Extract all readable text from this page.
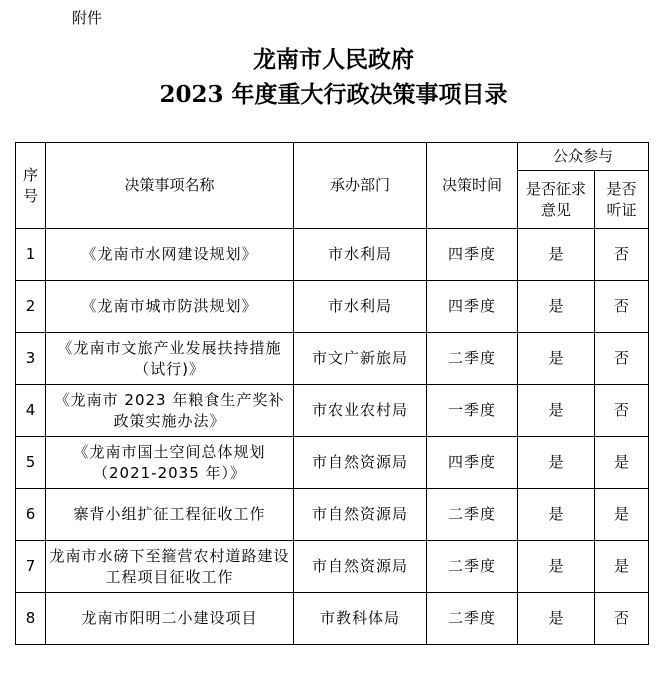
附件
龙南市人民政府
2023 年度重大行政决策事项目录
序号	决策事项名称	承办部门	决策时间	公众参与	

				是否征求意见	是否听证

1	《龙南市水网建设规划》	市水利局	四季度	是	否
2	《龙南市城市防洪规划》	市水利局	四季度	是	否
3	《龙南市文旅产业发展扶持措施（试行)》	市文广新旅局	二季度	是	否
4	《龙南市 2023 年粮食生产奖补政策实施办法》	市农业农村局	一季度	是	否
5	《龙南市国土空间总体规划（2021-2035 年）》	市自然资源局	四季度	是	是
6	寨背小组扩征工程征收工作	市自然资源局	二季度	是	是
7	龙南市水磅下至箍营农村道路建设工程项目征收工作	市自然资源局	二季度	是	是
8	龙南市阳明二小建设项目	市教科体局	二季度	是	否
